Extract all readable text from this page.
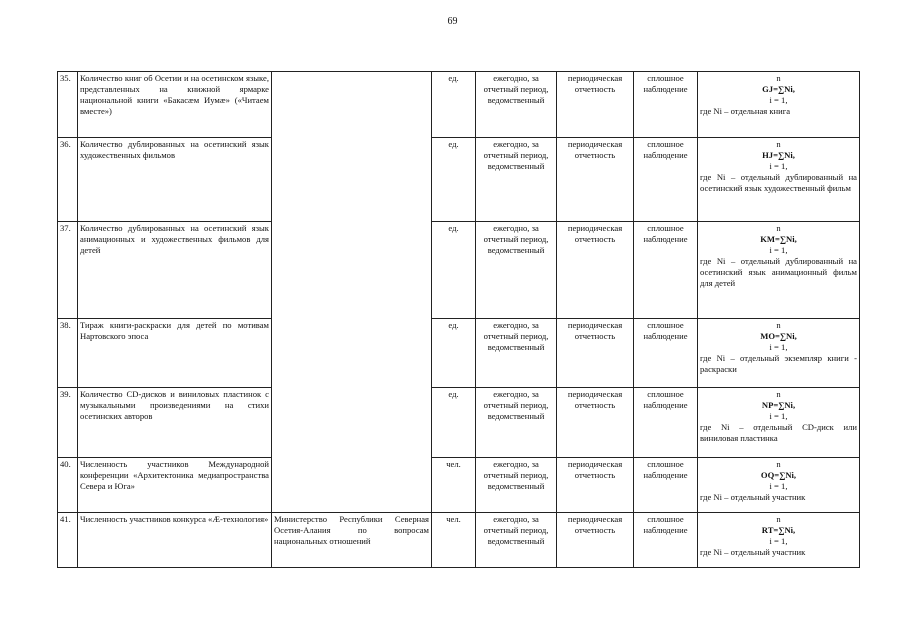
69
35.	Количество книг об Осетии и на осетинском языке, представленных на книжной ярмарке национальной книги «Бакасæм Иумæ» («Читаем вместе»)		ед.	ежегодно, за отчетный период, ведомственный	периодическая отчетность	сплошное наблюдение	n
GJ=∑Ni,
i = 1,
где Ni – отдельная книга

36.	Количество дублированных на осетинский язык художественных фильмов		ед.	ежегодно, за отчетный период, ведомственный	периодическая отчетность	сплошное наблюдение	n
HJ=∑Ni,
i = 1,
где Ni – отдельный дублированный на осетинский язык художественный фильм

37.	Количество дублированных на осетинский язык анимационных и художественных фильмов для детей		ед.	ежегодно, за отчетный период, ведомственный	периодическая отчетность	сплошное наблюдение	n
KM=∑Ni,
i = 1,
где Ni – отдельный дублированный на осетинский язык анимационный фильм для детей

38.	Тираж книги-раскраски для детей по мотивам Нартовского эпоса		ед.	ежегодно, за отчетный период, ведомственный	периодическая отчетность	сплошное наблюдение	n
MO=∑Ni,
i = 1,
где Ni – отдельный экземпляр книги - раскраски

39.	Количество CD-дисков и виниловых пластинок с музыкальными произведениями на стихи осетинских авторов		ед.	ежегодно, за отчетный период, ведомственный	периодическая отчетность	сплошное наблюдение	n
NP=∑Ni,
i = 1,
где Ni – отдельный CD-диск или виниловая пластинка

40.	Численность участников Международной конференции «Архитектоника медиапространства Севера и Юга»		чел.	ежегодно, за отчетный период, ведомственный	периодическая отчетность	сплошное наблюдение	n
OQ=∑Ni,
i = 1,
где Ni – отдельный участник

41.	Численность участников конкурса «Æ-технология»	Министерство Республики Северная Осетия-Алания по вопросам национальных отношений	чел.	ежегодно, за отчетный период, ведомственный	периодическая отчетность	сплошное наблюдение	n
RT=∑Ni,
i = 1,
где Ni – отдельный участник
